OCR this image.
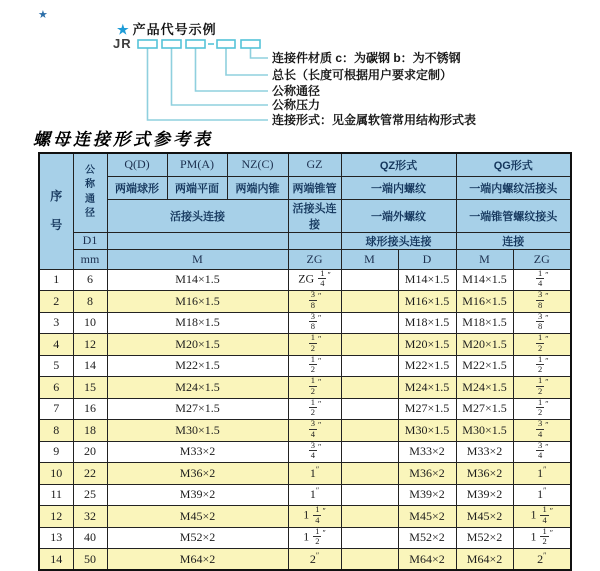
★
★ 产品代号示例
JR
连接件材质 c：为碳钢 b：为不锈钢
总长（长度可根据用户要求定制）
公称通径
公称压力
连接形式：见金属软管常用结构形式表
螺母连接形式参考表
序号	公称通径	Q(D)	PM(A)	NZ(C)	GZ	QZ形式		QG形式	
		两端球形	两端平面	两端内锥	两端锥管	一端内螺纹		一端内螺纹活接头	
		活接头连接			活接头连接	一端外螺纹		一端锥管螺纹接头	
	D1					球形接头连接		连接	
	mm	M			ZG	M	D	M	ZG
1	6	M14×1.5			ZG $\frac{1}{4} ''$		M14×1.5	M14×1.5	$\frac{1}{4} ''$
2	8	M16×1.5			$\frac{3}{8} ''$		M16×1.5	M16×1.5	$\frac{3}{8} ''$
3	10	M18×1.5			$\frac{3}{8} ''$		M18×1.5	M18×1.5	$\frac{3}{8} ''$
4	12	M20×1.5			$\frac{1}{2} ''$		M20×1.5	M20×1.5	$\frac{1}{2} ''$
5	14	M22×1.5			$\frac{1}{2} ''$		M22×1.5	M22×1.5	$\frac{1}{2} ''$
6	15	M24×1.5			$\frac{1}{2} ''$		M24×1.5	M24×1.5	$\frac{1}{2} ''$
7	16	M27×1.5			$\frac{1}{2} ''$		M27×1.5	M27×1.5	$\frac{1}{2} ''$
8	18	M30×1.5			$\frac{3}{4} ''$		M30×1.5	M30×1.5	$\frac{3}{4} ''$
9	20	M33×2			$\frac{3}{4} ''$		M33×2	M33×2	$\frac{3}{4} ''$
10	22	M36×2			1″		M36×2	M36×2	1″
11	25	M39×2			1″		M39×2	M39×2	1″
12	32	M45×2			$1 \frac{1}{4} ''$		M45×2	M45×2	$1 \frac{1}{4} ''$
13	40	M52×2			$1 \frac{1}{2} ''$		M52×2	M52×2	$1 \frac{1}{2} ''$
14	50	M64×2			2″		M64×2	M64×2	2″
